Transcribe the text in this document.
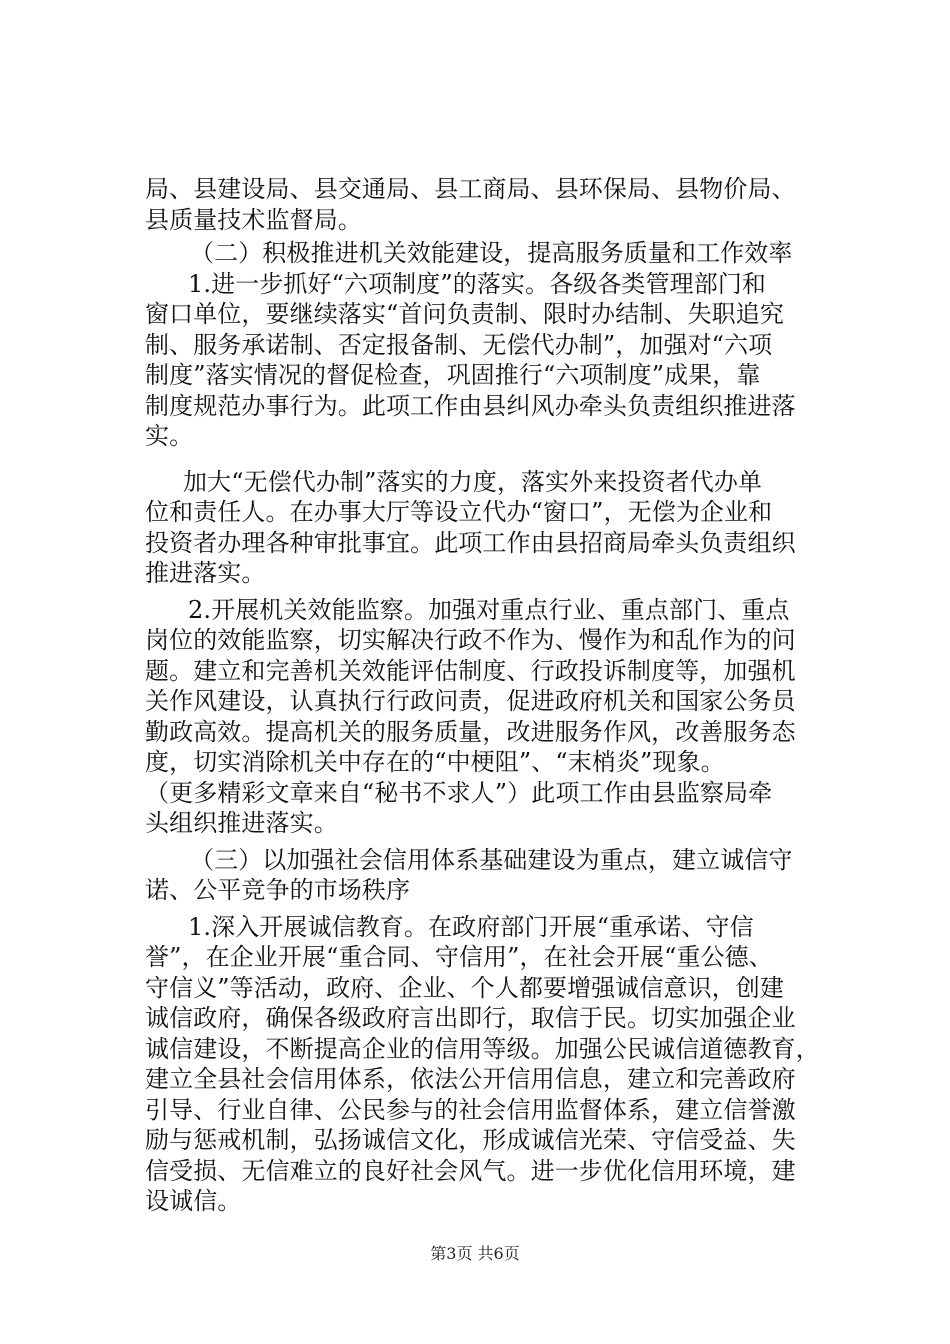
局、县建设局、县交通局、县工商局、县环保局、县物价局、
县质量技术监督局。
（二）积极推进机关效能建设，提高服务质量和工作效率
1.进一步抓好“六项制度”的落实。各级各类管理部门和
窗口单位，要继续落实“首问负责制、限时办结制、失职追究
制、服务承诺制、否定报备制、无偿代办制”，加强对“六项
制度”落实情况的督促检查，巩固推行“六项制度”成果，靠
制度规范办事行为。此项工作由县纠风办牵头负责组织推进落
实。
加大“无偿代办制”落实的力度，落实外来投资者代办单
位和责任人。在办事大厅等设立代办“窗口”，无偿为企业和
投资者办理各种审批事宜。此项工作由县招商局牵头负责组织
推进落实。
2.开展机关效能监察。加强对重点行业、重点部门、重点
岗位的效能监察，切实解决行政不作为、慢作为和乱作为的问
题。建立和完善机关效能评估制度、行政投诉制度等，加强机
关作风建设，认真执行行政问责，促进政府机关和国家公务员
勤政高效。提高机关的服务质量，改进服务作风，改善服务态
度，切实消除机关中存在的“中梗阻”、“末梢炎”现象。
（更多精彩文章来自“秘书不求人”）此项工作由县监察局牵
头组织推进落实。
（三）以加强社会信用体系基础建设为重点，建立诚信守
诺、公平竞争的市场秩序
1.深入开展诚信教育。在政府部门开展“重承诺、守信
誉”，在企业开展“重合同、守信用”，在社会开展“重公德、
守信义”等活动，政府、企业、个人都要增强诚信意识，创建
诚信政府，确保各级政府言出即行，取信于民。切实加强企业
诚信建设，不断提高企业的信用等级。加强公民诚信道德教育，
建立全县社会信用体系，依法公开信用信息，建立和完善政府
引导、行业自律、公民参与的社会信用监督体系，建立信誉激
励与惩戒机制，弘扬诚信文化，形成诚信光荣、守信受益、失
信受损、无信难立的良好社会风气。进一步优化信用环境，建
设诚信。
第3页 共6页
